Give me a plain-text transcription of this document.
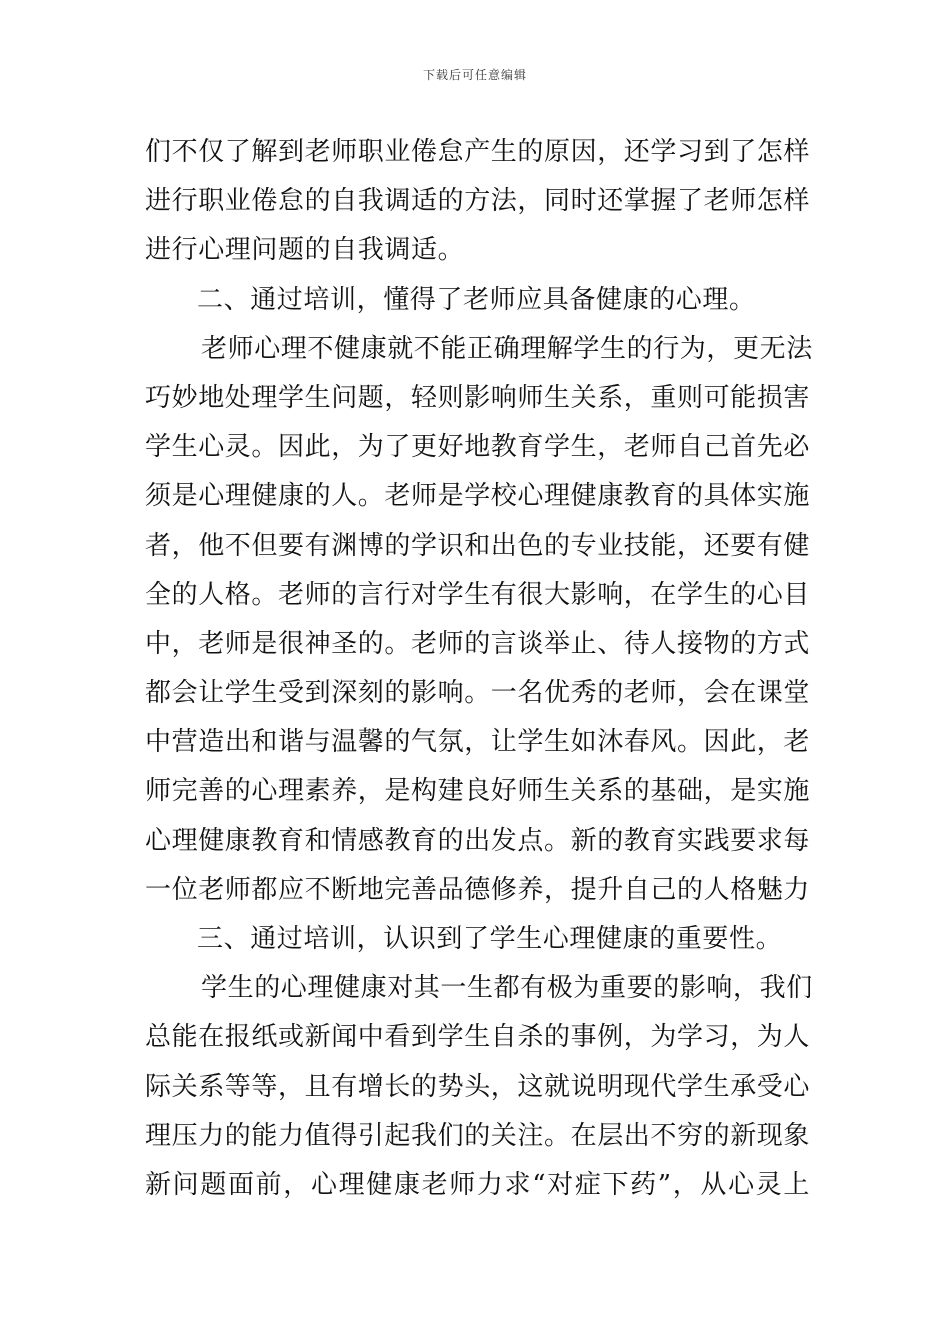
下载后可任意编辑
们不仅了解到老师职业倦怠产生的原因，还学习到了怎样
进行职业倦怠的自我调适的方法，同时还掌握了老师怎样
进行心理问题的自我调适。
二、通过培训，懂得了老师应具备健康的心理。
老师心理不健康就不能正确理解学生的行为，更无法
巧妙地处理学生问题，轻则影响师生关系，重则可能损害
学生心灵。因此，为了更好地教育学生，老师自己首先必
须是心理健康的人。老师是学校心理健康教育的具体实施
者，他不但要有渊博的学识和出色的专业技能，还要有健
全的人格。老师的言行对学生有很大影响，在学生的心目
中，老师是很神圣的。老师的言谈举止、待人接物的方式
都会让学生受到深刻的影响。一名优秀的老师，会在课堂
中营造出和谐与温馨的气氛，让学生如沐春风。因此，老
师完善的心理素养，是构建良好师生关系的基础，是实施
心理健康教育和情感教育的出发点。新的教育实践要求每
一位老师都应不断地完善品德修养，提升自己的人格魅力
三、通过培训，认识到了学生心理健康的重要性。
学生的心理健康对其一生都有极为重要的影响，我们
总能在报纸或新闻中看到学生自杀的事例，为学习，为人
际关系等等，且有增长的势头，这就说明现代学生承受心
理压力的能力值得引起我们的关注。在层出不穷的新现象
新问题面前，心理健康老师力求“对症下药”，从心灵上
